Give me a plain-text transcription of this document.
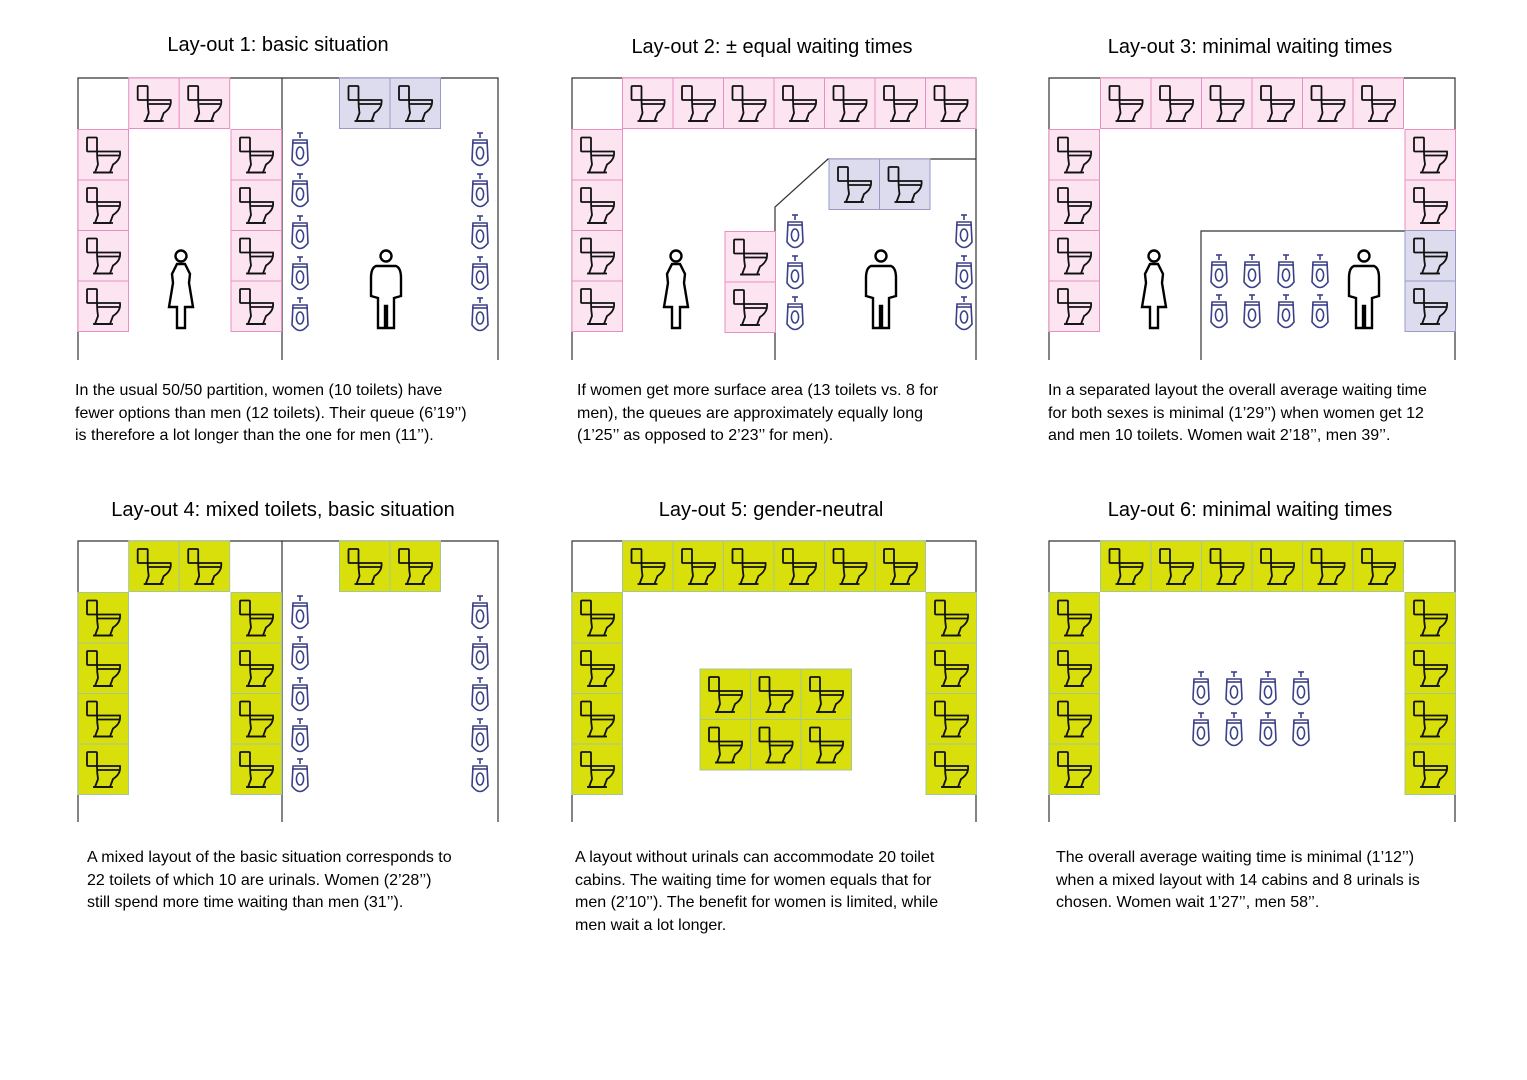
Lay-out 1: basic situation
In the usual 50/50 partition, women (10 toilets) have
fewer options than men (12 toilets). Their queue (6’19’’)
is therefore a lot longer than the one for men (11’’).
Lay-out 2: ± equal waiting times
If women get more surface area (13 toilets vs. 8 for
men), the queues are approximately equally long
(1’25’’ as opposed to 2’23’’ for men).
Lay-out 3: minimal waiting times
In a separated layout the overall average waiting time
for both sexes is minimal (1’29’’) when women get 12
and men 10 toilets. Women wait 2’18’’, men 39’’.
Lay-out 4: mixed toilets, basic situation
A mixed layout of the basic situation corresponds to
22 toilets of which 10 are urinals. Women (2’28’’)
still spend more time waiting than men (31’’).
Lay-out 5: gender-neutral
A layout without urinals can accommodate 20 toilet
cabins. The waiting time for women equals that for
men (2’10’’). The benefit for women is limited, while
men wait a lot longer.
Lay-out 6: minimal waiting times
The overall average waiting time is minimal (1’12’’)
when a mixed layout with 14 cabins and 8 urinals is
chosen. Women wait 1’27’’, men 58’’.
